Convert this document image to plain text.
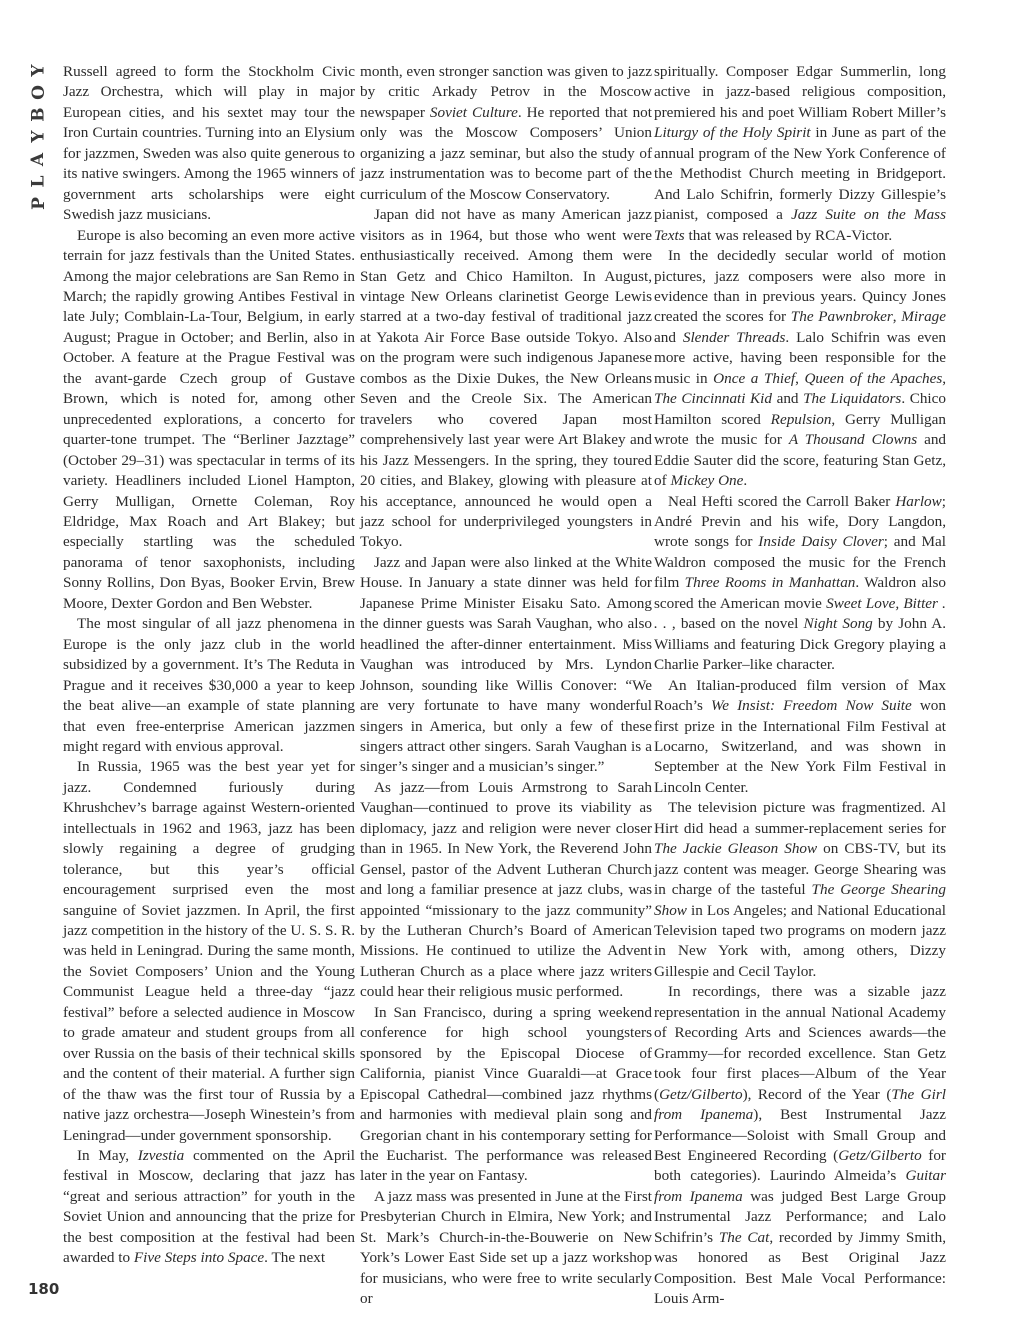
Y
O
B
Y
A
L
P
180

Russell agreed to form the Stockholm Civic Jazz Orchestra, which will play in major European cities, and his sextet may tour the Iron Curtain countries. Turning into an Elysium for jazzmen, Sweden was also quite generous to its native swingers. Among the 1965 winners of government arts scholarships were eight Swedish jazz musicians.

Europe is also becoming an even more active terrain for jazz festivals than the United States. Among the major celebrations are San Remo in March; the rapidly growing Antibes Festival in late July; Comblain-La-Tour, Belgium, in early August; Prague in October; and Berlin, also in October. A feature at the Prague Festival was the avant-garde Czech group of Gustave Brown, which is noted for, among other unprecedented explorations, a concerto for quarter-tone trumpet. The “Berliner Jazztage” (October 29–31) was spectacular in terms of its variety. Headliners included Lionel Hampton, Gerry Mulligan, Ornette Coleman, Roy Eldridge, Max Roach and Art Blakey; but especially startling was the scheduled panorama of tenor saxophonists, including Sonny Rollins, Don Byas, Booker Ervin, Brew Moore, Dexter Gordon and Ben Webster.

The most singular of all jazz phenomena in Europe is the only jazz club in the world subsidized by a government. It’s The Reduta in Prague and it receives $30,000 a year to keep the beat alive—an example of state planning that even free-enterprise American jazzmen might regard with envious approval.

In Russia, 1965 was the best year yet for jazz. Condemned furiously during Khrushchev’s barrage against Western-oriented intellectuals in 1962 and 1963, jazz has been slowly regaining a degree of grudging tolerance, but this year’s official encouragement surprised even the most sanguine of Soviet jazzmen. In April, the first jazz competition in the history of the U. S. S. R. was held in Leningrad. During the same month, the Soviet Composers’ Union and the Young Communist League held a three-day “jazz festival” before a selected audience in Moscow to grade amateur and student groups from all over Russia on the basis of their technical skills and the content of their material. A further sign of the thaw was the first tour of Russia by a native jazz orchestra—Joseph Winestein’s from Leningrad—under government sponsorship.

In May, Izvestia commented on the April festival in Moscow, declaring that jazz has “great and serious attraction” for youth in the Soviet Union and announcing that the prize for the best composition at the festival had been awarded to Five Steps into Space. The next

month, even stronger sanction was given to jazz by critic Arkady Petrov in the Moscow newspaper Soviet Culture. He reported that not only was the Moscow Composers’ Union organizing a jazz seminar, but also the study of jazz instrumentation was to become part of the curriculum of the Moscow Conservatory.

Japan did not have as many American jazz visitors as in 1964, but those who went were enthusiastically received. Among them were Stan Getz and Chico Hamilton. In August, vintage New Orleans clarinetist George Lewis starred at a two-day festival of traditional jazz at Yakota Air Force Base outside Tokyo. Also on the program were such indigenous Japanese combos as the Dixie Dukes, the New Orleans Seven and the Creole Six. The American travelers who covered Japan most comprehensively last year were Art Blakey and his Jazz Messengers. In the spring, they toured 20 cities, and Blakey, glowing with pleasure at his acceptance, announced he would open a jazz school for underprivileged youngsters in Tokyo.

Jazz and Japan were also linked at the White House. In January a state dinner was held for Japanese Prime Minister Eisaku Sato. Among the dinner guests was Sarah Vaughan, who also headlined the after-dinner entertainment. Miss Vaughan was introduced by Mrs. Lyndon Johnson, sounding like Willis Conover: “We are very fortunate to have many wonderful singers in America, but only a few of these singers attract other singers. Sarah Vaughan is a singer’s singer and a musician’s singer.”

As jazz—from Louis Armstrong to Sarah Vaughan—continued to prove its viability as diplomacy, jazz and religion were never closer than in 1965. In New York, the Reverend John Gensel, pastor of the Advent Lutheran Church and long a familiar presence at jazz clubs, was appointed “missionary to the jazz community” by the Lutheran Church’s Board of American Missions. He continued to utilize the Advent Lutheran Church as a place where jazz writers could hear their religious music performed.

In San Francisco, during a spring weekend conference for high school youngsters sponsored by the Episcopal Diocese of California, pianist Vince Guaraldi—at Grace Episcopal Cathedral—combined jazz rhythms and harmonies with medieval plain song and Gregorian chant in his contemporary setting for the Eucharist. The performance was released later in the year on Fantasy.

A jazz mass was presented in June at the First Presbyterian Church in Elmira, New York; and St. Mark’s Church-in-the-Bouwerie on New York’s Lower East Side set up a jazz workshop for musicians, who were free to write secularly or

spiritually. Composer Edgar Summerlin, long active in jazz-based religious composition, premiered his and poet William Robert Miller’s Liturgy of the Holy Spirit in June as part of the annual program of the New York Conference of the Methodist Church meeting in Bridgeport. And Lalo Schifrin, formerly Dizzy Gillespie’s pianist, composed a Jazz Suite on the Mass Texts that was released by RCA-Victor.

In the decidedly secular world of motion pictures, jazz composers were also more in evidence than in previous years. Quincy Jones created the scores for The Pawnbroker, Mirage and Slender Threads. Lalo Schifrin was even more active, having been responsible for the music in Once a Thief, Queen of the Apaches, The Cincinnati Kid and The Liquidators. Chico Hamilton scored Repulsion, Gerry Mulligan wrote the music for A Thousand Clowns and Eddie Sauter did the score, featuring Stan Getz, of Mickey One.

Neal Hefti scored the Carroll Baker Harlow; André Previn and his wife, Dory Langdon, wrote songs for Inside Daisy Clover; and Mal Waldron composed the music for the French film Three Rooms in Manhattan. Waldron also scored the American movie Sweet Love, Bitter . . . , based on the novel Night Song by John A. Williams and featuring Dick Gregory playing a Charlie Parker–like character.

An Italian-produced film version of Max Roach’s We Insist: Freedom Now Suite won first prize in the International Film Festival at Locarno, Switzerland, and was shown in September at the New York Film Festival in Lincoln Center.

The television picture was fragmentized. Al Hirt did head a summer-replacement series for The Jackie Gleason Show on CBS-TV, but its jazz content was meager. George Shearing was in charge of the tasteful The George Shearing Show in Los Angeles; and National Educational Television taped two programs on modern jazz in New York with, among others, Dizzy Gillespie and Cecil Taylor.

In recordings, there was a sizable jazz representation in the annual National Academy of Recording Arts and Sciences awards—the Grammy—for recorded excellence. Stan Getz took four first places—Album of the Year (Getz/Gilberto), Record of the Year (The Girl from Ipanema), Best Instrumental Jazz Performance—Soloist with Small Group and Best Engineered Recording (Getz/Gilberto for both categories). Laurindo Almeida’s Guitar from Ipanema was judged Best Large Group Instrumental Jazz Performance; and Lalo Schifrin’s The Cat, recorded by Jimmy Smith, was honored as Best Original Jazz Composition. Best Male Vocal Performance: Louis Arm-
